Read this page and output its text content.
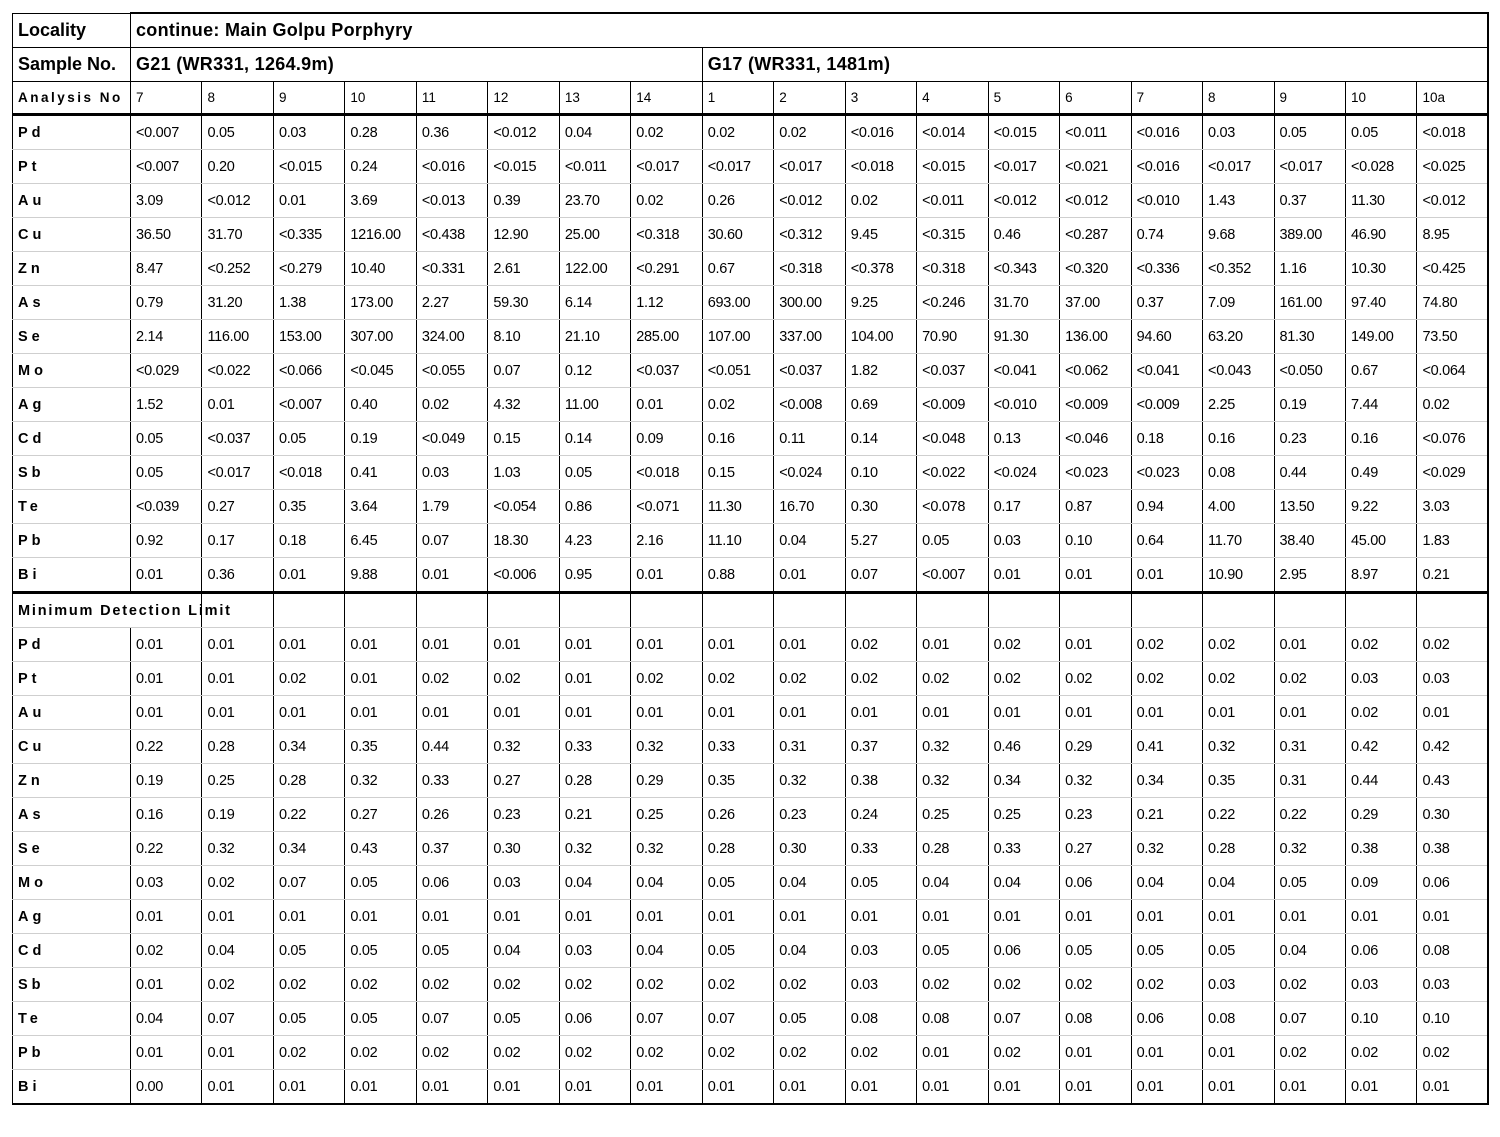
Locality	continue: Main Golpu Porphyry																		
Sample No.	G21 (WR331, 1264.9m)								G17 (WR331, 1481m)										
Analysis No	7	8	9	10	11	12	13	14	1	2	3	4	5	6	7	8	9	10	10a
Pd	<0.007	0.05	0.03	0.28	0.36	<0.012	0.04	0.02	0.02	0.02	<0.016	<0.014	<0.015	<0.011	<0.016	0.03	0.05	0.05	<0.018
Pt	<0.007	0.20	<0.015	0.24	<0.016	<0.015	<0.011	<0.017	<0.017	<0.017	<0.018	<0.015	<0.017	<0.021	<0.016	<0.017	<0.017	<0.028	<0.025
Au	3.09	<0.012	0.01	3.69	<0.013	0.39	23.70	0.02	0.26	<0.012	0.02	<0.011	<0.012	<0.012	<0.010	1.43	0.37	11.30	<0.012
Cu	36.50	31.70	<0.335	1216.00	<0.438	12.90	25.00	<0.318	30.60	<0.312	9.45	<0.315	0.46	<0.287	0.74	9.68	389.00	46.90	8.95
Zn	8.47	<0.252	<0.279	10.40	<0.331	2.61	122.00	<0.291	0.67	<0.318	<0.378	<0.318	<0.343	<0.320	<0.336	<0.352	1.16	10.30	<0.425
As	0.79	31.20	1.38	173.00	2.27	59.30	6.14	1.12	693.00	300.00	9.25	<0.246	31.70	37.00	0.37	7.09	161.00	97.40	74.80
Se	2.14	116.00	153.00	307.00	324.00	8.10	21.10	285.00	107.00	337.00	104.00	70.90	91.30	136.00	94.60	63.20	81.30	149.00	73.50
Mo	<0.029	<0.022	<0.066	<0.045	<0.055	0.07	0.12	<0.037	<0.051	<0.037	1.82	<0.037	<0.041	<0.062	<0.041	<0.043	<0.050	0.67	<0.064
Ag	1.52	0.01	<0.007	0.40	0.02	4.32	11.00	0.01	0.02	<0.008	0.69	<0.009	<0.010	<0.009	<0.009	2.25	0.19	7.44	0.02
Cd	0.05	<0.037	0.05	0.19	<0.049	0.15	0.14	0.09	0.16	0.11	0.14	<0.048	0.13	<0.046	0.18	0.16	0.23	0.16	<0.076
Sb	0.05	<0.017	<0.018	0.41	0.03	1.03	0.05	<0.018	0.15	<0.024	0.10	<0.022	<0.024	<0.023	<0.023	0.08	0.44	0.49	<0.029
Te	<0.039	0.27	0.35	3.64	1.79	<0.054	0.86	<0.071	11.30	16.70	0.30	<0.078	0.17	0.87	0.94	4.00	13.50	9.22	3.03
Pb	0.92	0.17	0.18	6.45	0.07	18.30	4.23	2.16	11.10	0.04	5.27	0.05	0.03	0.10	0.64	11.70	38.40	45.00	1.83
Bi	0.01	0.36	0.01	9.88	0.01	<0.006	0.95	0.01	0.88	0.01	0.07	<0.007	0.01	0.01	0.01	10.90	2.95	8.97	0.21
Minimum Detection Limit																			
Pd	0.01	0.01	0.01	0.01	0.01	0.01	0.01	0.01	0.01	0.01	0.02	0.01	0.02	0.01	0.02	0.02	0.01	0.02	0.02
Pt	0.01	0.01	0.02	0.01	0.02	0.02	0.01	0.02	0.02	0.02	0.02	0.02	0.02	0.02	0.02	0.02	0.02	0.03	0.03
Au	0.01	0.01	0.01	0.01	0.01	0.01	0.01	0.01	0.01	0.01	0.01	0.01	0.01	0.01	0.01	0.01	0.01	0.02	0.01
Cu	0.22	0.28	0.34	0.35	0.44	0.32	0.33	0.32	0.33	0.31	0.37	0.32	0.46	0.29	0.41	0.32	0.31	0.42	0.42
Zn	0.19	0.25	0.28	0.32	0.33	0.27	0.28	0.29	0.35	0.32	0.38	0.32	0.34	0.32	0.34	0.35	0.31	0.44	0.43
As	0.16	0.19	0.22	0.27	0.26	0.23	0.21	0.25	0.26	0.23	0.24	0.25	0.25	0.23	0.21	0.22	0.22	0.29	0.30
Se	0.22	0.32	0.34	0.43	0.37	0.30	0.32	0.32	0.28	0.30	0.33	0.28	0.33	0.27	0.32	0.28	0.32	0.38	0.38
Mo	0.03	0.02	0.07	0.05	0.06	0.03	0.04	0.04	0.05	0.04	0.05	0.04	0.04	0.06	0.04	0.04	0.05	0.09	0.06
Ag	0.01	0.01	0.01	0.01	0.01	0.01	0.01	0.01	0.01	0.01	0.01	0.01	0.01	0.01	0.01	0.01	0.01	0.01	0.01
Cd	0.02	0.04	0.05	0.05	0.05	0.04	0.03	0.04	0.05	0.04	0.03	0.05	0.06	0.05	0.05	0.05	0.04	0.06	0.08
Sb	0.01	0.02	0.02	0.02	0.02	0.02	0.02	0.02	0.02	0.02	0.03	0.02	0.02	0.02	0.02	0.03	0.02	0.03	0.03
Te	0.04	0.07	0.05	0.05	0.07	0.05	0.06	0.07	0.07	0.05	0.08	0.08	0.07	0.08	0.06	0.08	0.07	0.10	0.10
Pb	0.01	0.01	0.02	0.02	0.02	0.02	0.02	0.02	0.02	0.02	0.02	0.01	0.02	0.01	0.01	0.01	0.02	0.02	0.02
Bi	0.00	0.01	0.01	0.01	0.01	0.01	0.01	0.01	0.01	0.01	0.01	0.01	0.01	0.01	0.01	0.01	0.01	0.01	0.01
